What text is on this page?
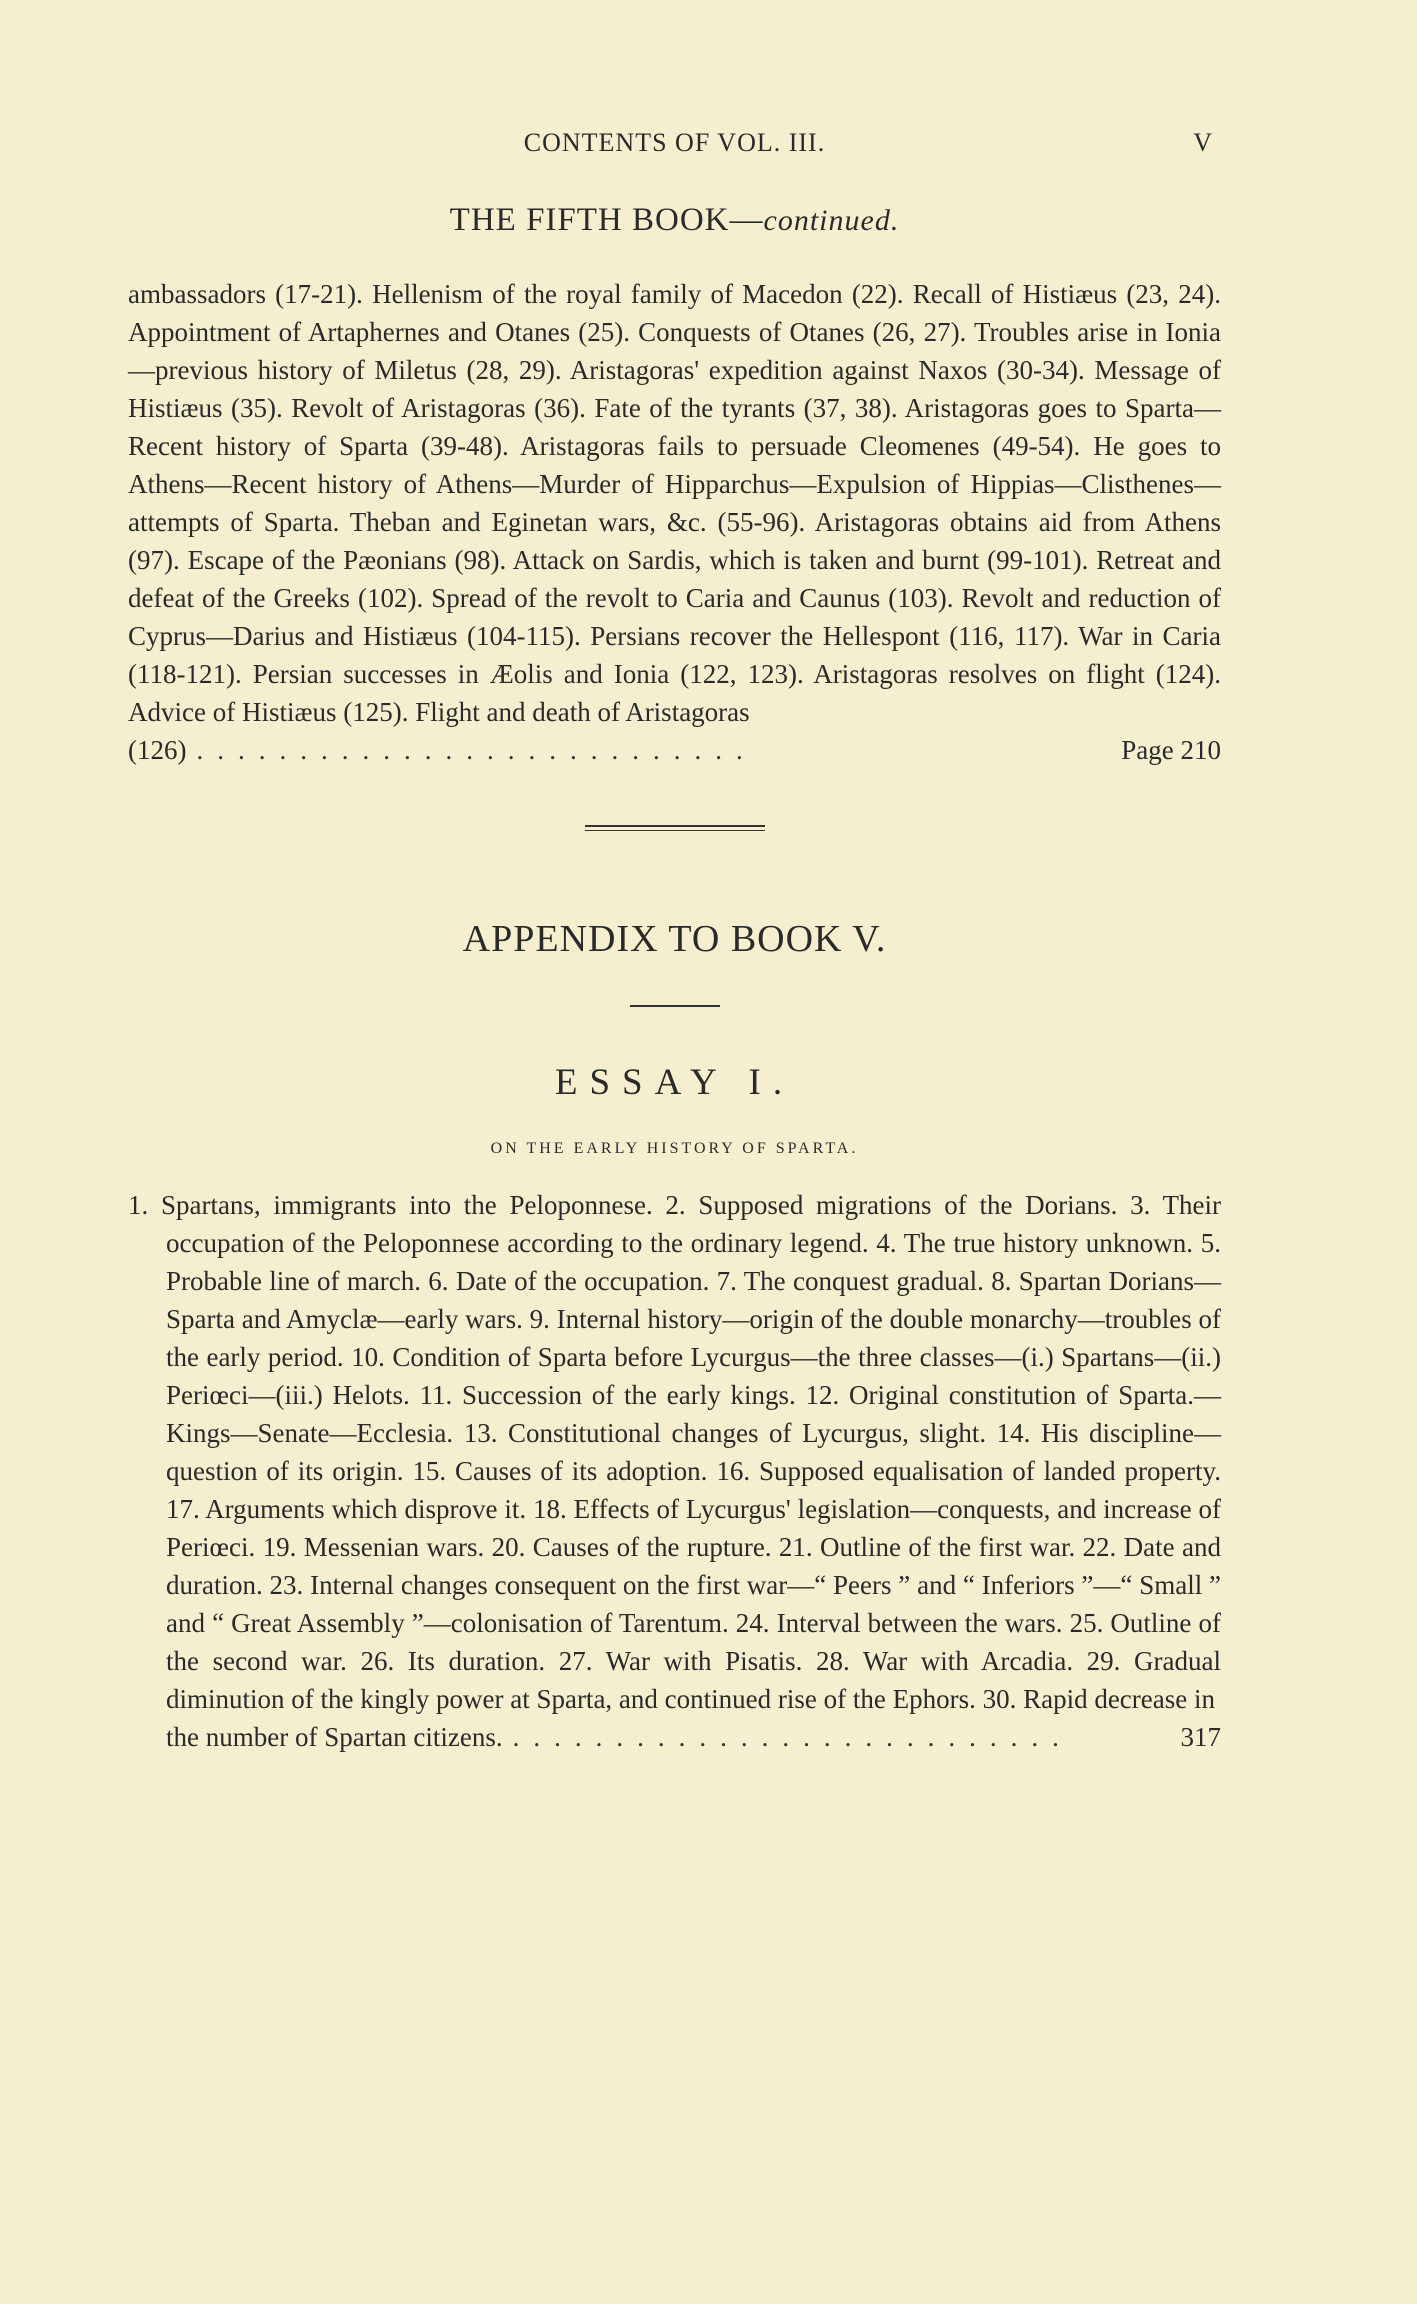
CONTENTS OF VOL. III.	V
THE FIFTH BOOK—continued.
ambassadors (17-21). Hellenism of the royal family of Macedon (22). Recall of Histiæus (23, 24). Appointment of Artaphernes and Otanes (25). Conquests of Otanes (26, 27). Troubles arise in Ionia—previous history of Miletus (28, 29). Aristagoras' expedition against Naxos (30-34). Message of Histiæus (35). Revolt of Aristagoras (36). Fate of the tyrants (37, 38). Aristagoras goes to Sparta—Recent history of Sparta (39-48). Aristagoras fails to persuade Cleomenes (49-54). He goes to Athens—Recent history of Athens—Murder of Hipparchus—Expulsion of Hippias—Clisthenes—attempts of Sparta. Theban and Eginetan wars, &c. (55-96). Aristagoras obtains aid from Athens (97). Escape of the Pæonians (98). Attack on Sardis, which is taken and burnt (99-101). Retreat and defeat of the Greeks (102). Spread of the revolt to Caria and Caunus (103). Revolt and reduction of Cyprus—Darius and Histiæus (104-115). Persians recover the Hellespont (116, 117). War in Caria (118-121). Persian successes in Æolis and Ionia (122, 123). Aristagoras resolves on flight (124). Advice of Histiæus (125). Flight and death of Aristagoras
(126) ...........................	Page 210
APPENDIX TO BOOK V.
ESSAY I.
ON THE EARLY HISTORY OF SPARTA.
1. Spartans, immigrants into the Peloponnese. 2. Supposed migrations of the Dorians. 3. Their occupation of the Peloponnese according to the ordinary legend. 4. The true history unknown. 5. Probable line of march. 6. Date of the occupation. 7. The conquest gradual. 8. Spartan Dorians—Sparta and Amyclæ—early wars. 9. Internal history—origin of the double monarchy—troubles of the early period. 10. Condition of Sparta before Lycurgus—the three classes—(i.) Spartans—(ii.) Periœci—(iii.) Helots. 11. Succession of the early kings. 12. Original constitution of Sparta.—Kings—Senate—Ecclesia. 13. Constitutional changes of Lycurgus, slight. 14. His discipline—question of its origin. 15. Causes of its adoption. 16. Supposed equalisation of landed property. 17. Arguments which disprove it. 18. Effects of Lycurgus' legislation—conquests, and increase of Periœci. 19. Messenian wars. 20. Causes of the rupture. 21. Outline of the first war. 22. Date and duration. 23. Internal changes consequent on the first war—“ Peers ” and “ Inferiors ”—“ Small ” and “ Great Assembly ”—colonisation of Tarentum. 24. Interval between the wars. 25. Outline of the second war. 26. Its duration. 27. War with Pisatis. 28. War with Arcadia. 29. Gradual diminution of the kingly power at Sparta, and continued rise of the Ephors. 30. Rapid decrease in
the number of Spartan citizens. ...........................	317
